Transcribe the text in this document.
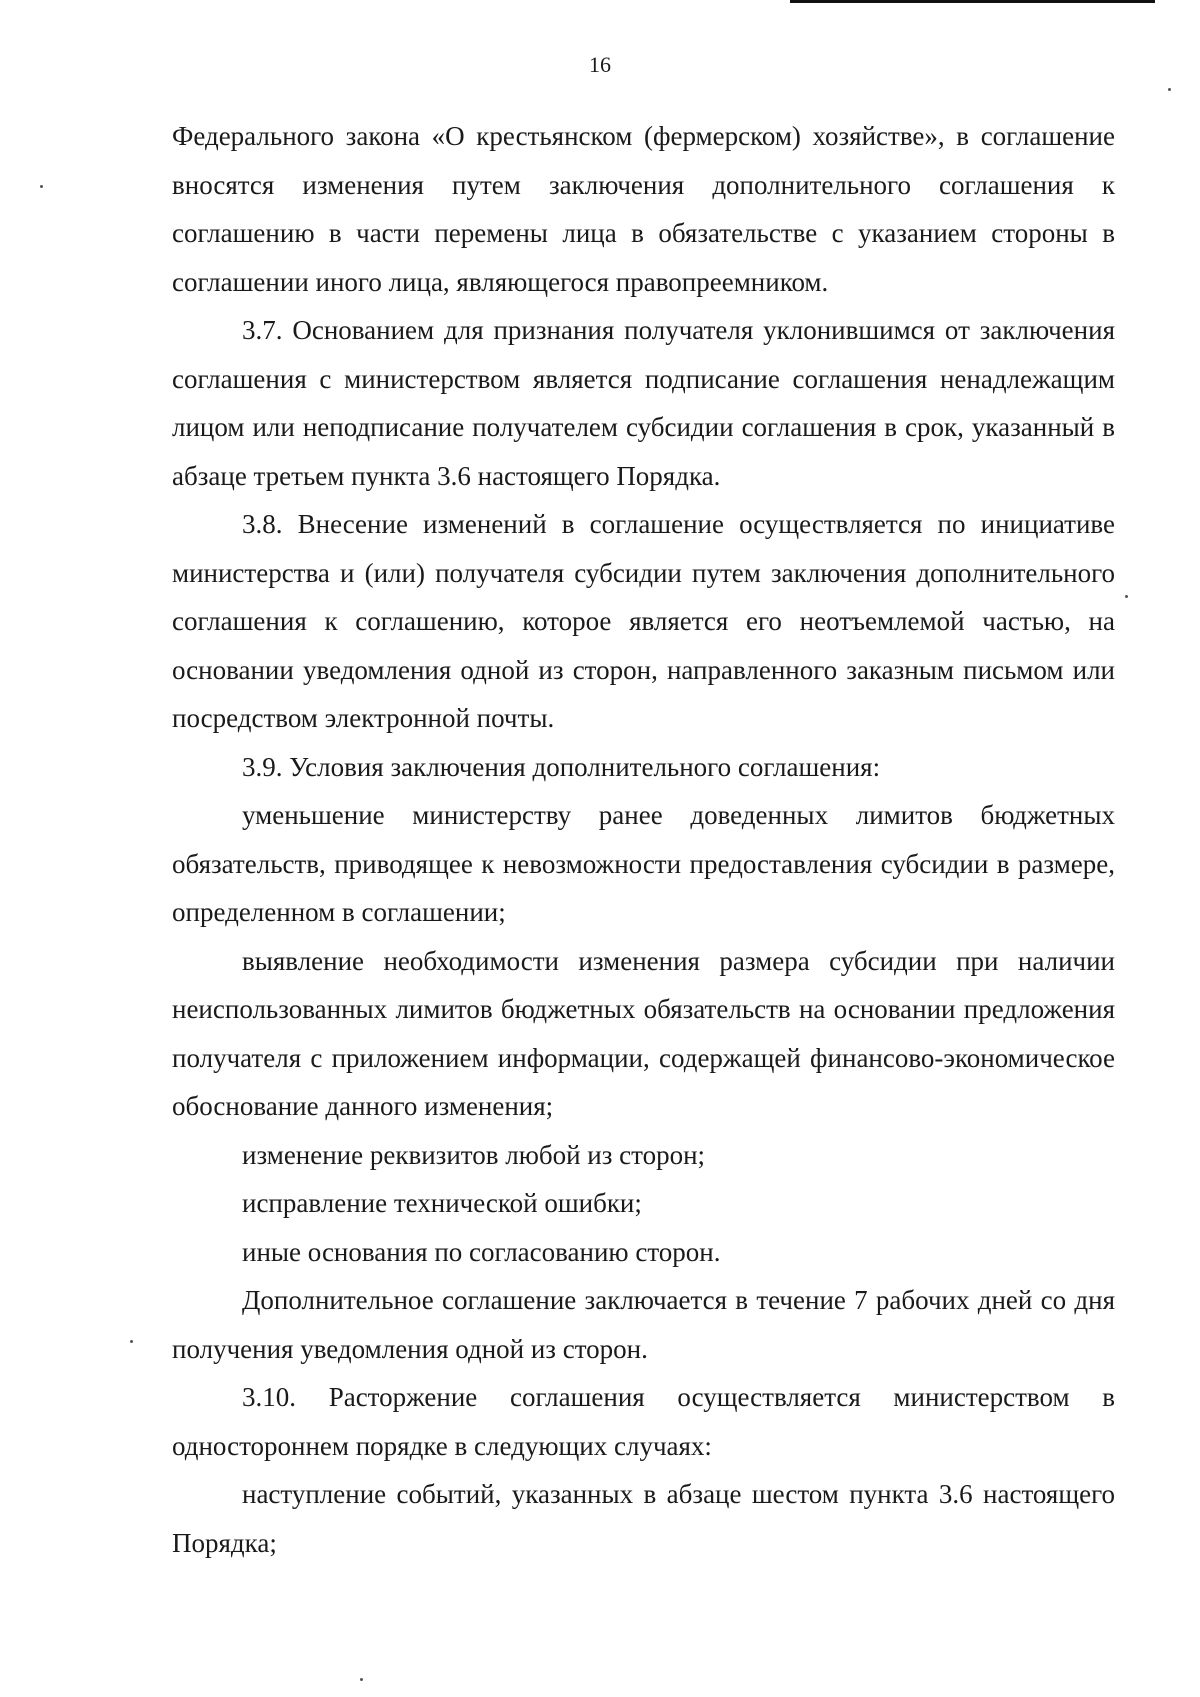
16

Федерального закона «О крестьянском (фермерском) хозяйстве», в соглашение вносятся изменения путем заключения дополнительного соглашения к соглашению в части перемены лица в обязательстве с указанием стороны в соглашении иного лица, являющегося правопреемником.

3.7. Основанием для признания получателя уклонившимся от заключения соглашения с министерством является подписание соглашения ненадлежащим лицом или неподписание получателем субсидии соглашения в срок, указанный в абзаце третьем пункта 3.6 настоящего Порядка.

3.8. Внесение изменений в соглашение осуществляется по инициативе министерства и (или) получателя субсидии путем заключения дополнительного соглашения к соглашению, которое является его неотъемлемой частью, на основании уведомления одной из сторон, направленного заказным письмом или посредством электронной почты.

3.9. Условия заключения дополнительного соглашения:

уменьшение министерству ранее доведенных лимитов бюджетных обязательств, приводящее к невозможности предоставления субсидии в размере, определенном в соглашении;

выявление необходимости изменения размера субсидии при наличии неиспользованных лимитов бюджетных обязательств на основании предложения получателя с приложением информации, содержащей финансово-экономическое обоснование данного изменения;

изменение реквизитов любой из сторон;

исправление технической ошибки;

иные основания по согласованию сторон.

Дополнительное соглашение заключается в течение 7 рабочих дней со дня получения уведомления одной из сторон.

3.10. Расторжение соглашения осуществляется министерством в одностороннем порядке в следующих случаях:

наступление событий, указанных в абзаце шестом пункта 3.6 настоящего Порядка;
